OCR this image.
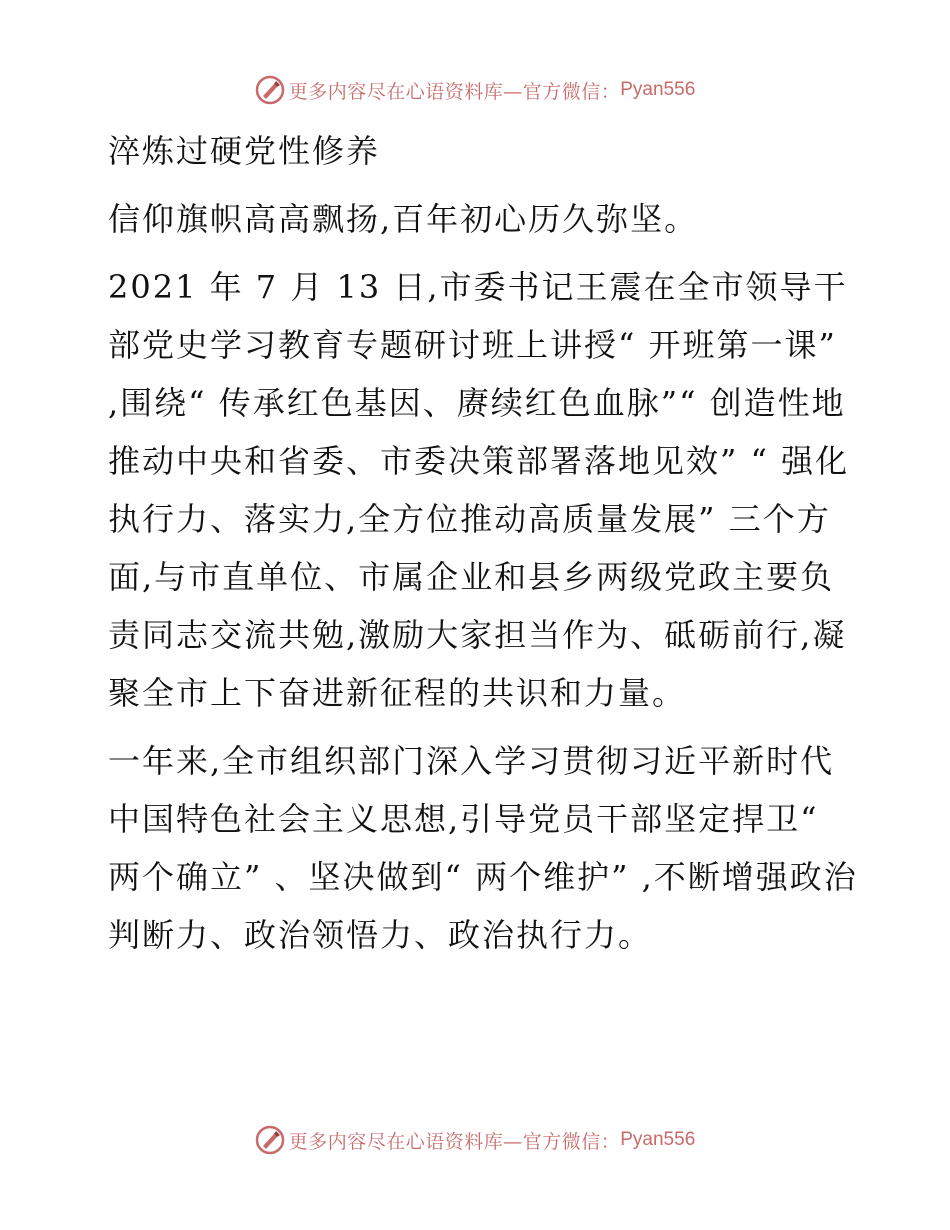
更多内容尽在心语资料库—官方微信： Pyan556

淬炼过硬党性修养

信仰旗帜高高飘扬,百年初心历久弥坚。

2021 年 7 月 13 日,市委书记王震在全市领导干部党史学习教育专题研讨班上讲授“ 开班第一课” ,围绕“ 传承红色基因、赓续红色血脉”“ 创造性地推动中央和省委、市委决策部署落地见效” “ 强化执行力、落实力,全方位推动高质量发展” 三个方面,与市直单位、市属企业和县乡两级党政主要负责同志交流共勉,激励大家担当作为、砥砺前行,凝聚全市上下奋进新征程的共识和力量。

一年来,全市组织部门深入学习贯彻习近平新时代中国特色社会主义思想,引导党员干部坚定捍卫“ 两个确立” 、坚决做到“ 两个维护” ,不断增强政治判断力、政治领悟力、政治执行力。

更多内容尽在心语资料库—官方微信： Pyan556
